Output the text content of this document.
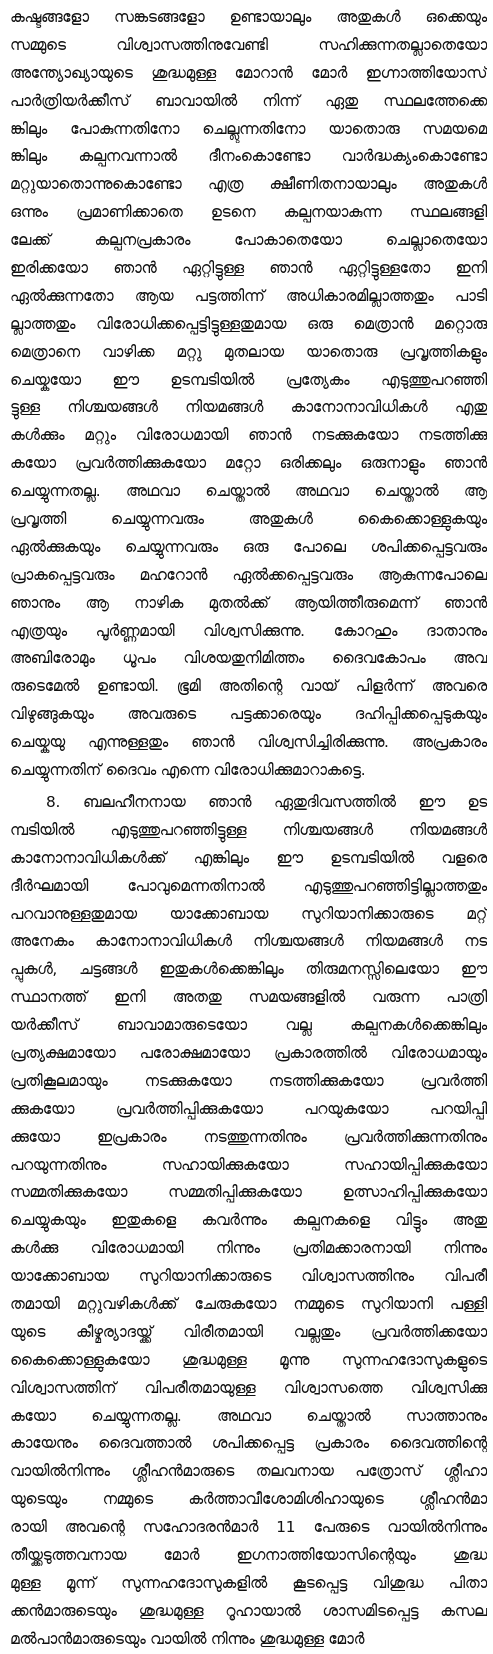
കഷ്ടങ്ങളോ സങ്കടങ്ങളോ ഉണ്ടായാലും അതുകൾ ഒക്കെയും
സമ്മുടെ വിശ്വാസത്തിനുവേണ്ടി സഹിക്കുന്നതല്ലാതെയോ
അന്ത്യോഖ്യായുടെ ശുദ്ധമുള്ള മോറാൻ മോർ ഇഗ്നാത്തിയോസ്
പാർത്രിയർക്കീസ് ബാവായിൽ നിന്ന് ഏതു സ്ഥലത്തേക്കെ
ങ്കിലും പോകുന്നതിനോ ചെല്ലുന്നതിനോ യാതൊരു സമയമെ
ങ്കിലും കല്പനവന്നാൽ ദീനംകൊണ്ടോ വാർദ്ധക്യംകൊണ്ടോ
മറ്റുയാതൊന്നുകൊണ്ടോ എത്ര ക്ഷീണിതനായാലും അതുകൾ
ഒന്നും പ്രമാണിക്കാതെ ഉടനെ കല്പനയാകുന്ന സ്ഥലങ്ങളി
ലേക്ക് കല്പനപ്രകാരം പോകാതെയോ ചെല്ലാതെയോ
ഇരിക്കയോ ഞാൻ ഏറ്റിട്ടുള്ള ഞാൻ ഏറ്റിട്ടുള്ളതോ ഇനി
ഏൽക്കുന്നതോ ആയ പട്ടത്തിന്ന് അധികാരമില്ലാത്തതും പാടി
ല്ലാത്തതും വിരോധിക്കപ്പെട്ടിട്ടുള്ളതുമായ ഒരു മെത്രാൻ മറ്റൊരു
മെത്രാനെ വാഴിക്ക മറ്റു മുതലായ യാതൊരു പ്രവൃത്തികളും
ചെയ്കയോ ഈ ഉടമ്പടിയിൽ പ്രത്യേകം എടുത്തുപറഞ്ഞി
ട്ടുള്ള നിശ്ചയങ്ങൾ നിയമങ്ങൾ കാനോനാവിധികൾ എതു
കൾക്കും മറ്റും വിരോധമായി ഞാൻ നടക്കുകയോ നടത്തിക്കു
കയോ പ്രവർത്തിക്കുകയോ മറ്റോ ഒരിക്കലും ഒരുനാളും ഞാൻ
ചെയ്യുന്നതല്ല. അഥവാ ചെയ്താൽ അഥവാ ചെയ്താൽ ആ
പ്രവൃത്തി ചെയ്യുന്നവരും അതുകൾ കൈക്കൊള്ളുകയും
ഏൽക്കുകയും ചെയ്യുന്നവരും ഒരു പോലെ ശപിക്കപ്പെട്ടവരും
പ്രാകപ്പെട്ടവരും മഹറോൻ ഏൽക്കപ്പെട്ടവരും ആകുന്നപോലെ
ഞാനും ആ നാഴിക മുതൽക്ക് ആയിത്തീരുമെന്ന് ഞാൻ
എത്രയും പൂർണ്ണമായി വിശ്വസിക്കുന്നു. കോറഹും ദാതാനും
അബിരോമും ധൂപം വിശയതുനിമിത്തം ദൈവകോപം അവ
രുടെമേൽ ഉണ്ടായി. ഭൂമി അതിന്റെ വായ് പിളർന്ന് അവരെ
വിഴുങ്ങുകയും അവരുടെ പട്ടക്കാരെയും ദഹിപ്പിക്കപ്പെടുകയും
ചെയ്കയു എന്നുള്ളതും ഞാൻ വിശ്വസിച്ചിരിക്കുന്നു. അപ്രകാരം
ചെയ്യുന്നതിന് ദൈവം എന്നെ വിരോധിക്കുമാറാകട്ടെ.
8. ബലഹീനനായ ഞാൻ ഏതുദിവസത്തിൽ ഈ ഉട
മ്പടിയിൽ എടുത്തുപറഞ്ഞിട്ടുള്ള നിശ്ചയങ്ങൾ നിയമങ്ങൾ
കാനോനാവിധികൾക്ക് എങ്കിലും ഈ ഉടമ്പടിയിൽ വളരെ
ദീർഘമായി പോവുമെന്നതിനാൽ എടുത്തുപറഞ്ഞിട്ടില്ലാത്തതും
പറവാനുള്ളതുമായ യാക്കോബായ സുറിയാനിക്കാരുടെ മറ്റ്
അനേകം കാനോനാവിധികൾ നിശ്ചയങ്ങൾ നിയമങ്ങൾ നട
പ്പുകൾ, ചട്ടങ്ങൾ ഇതുകൾക്കെങ്കിലും തിരുമനസ്സിലെയോ ഈ
സ്ഥാനത്ത് ഇനി അതതു സമയങ്ങളിൽ വരുന്ന പാത്രി
യർക്കീസ് ബാവാമാരുടെയോ വല്ല കല്പനകൾക്കെങ്കിലും
പ്രത്യക്ഷമായോ പരോക്ഷമായോ പ്രകാരത്തിൽ വിരോധമായും
പ്രതികൂലമായും നടക്കുകയോ നടത്തിക്കുകയോ പ്രവർത്തി
ക്കുകയോ പ്രവർത്തിപ്പിക്കുകയോ പറയുകയോ പറയിപ്പി
ക്കുയോ ഇപ്രകാരം നടത്തുന്നതിനും പ്രവർത്തിക്കുന്നതിനും
പറയുന്നതിനും സഹായിക്കുകയോ സഹായിപ്പിക്കുകയോ
സമ്മതിക്കുകയോ സമ്മതിപ്പിക്കുകയോ ഉത്സാഹിപ്പിക്കുകയോ
ചെയ്യുകയും ഇതുകളെ കവർന്നും കല്പനകളെ വിട്ടും അതു
കൾക്കു വിരോധമായി നിന്നും പ്രതിമക്കാരനായി നിന്നും
യാക്കോബായ സുറിയാനിക്കാരുടെ വിശ്വാസത്തിനും വിപരീ
തമായി മറ്റുവഴികൾക്ക് ചേരുകയോ നമ്മുടെ സുറിയാനി പള്ളി
യുടെ കീഴ്മര്യാദയ്ക്ക് വിരീതമായി വല്ലതും പ്രവർത്തിക്കയോ
കൈക്കൊള്ളുകയോ ശുദ്ധമുള്ള മൂന്നു സുന്നഹദോസുകളുടെ
വിശ്വാസത്തിന് വിപരീതമായുള്ള വിശ്വാസത്തെ വിശ്വസിക്കു
കയോ ചെയ്യുന്നതല്ല. അഥവാ ചെയ്താൽ സാത്താനും
കായേനും ദൈവത്താൽ ശപിക്കപ്പെട്ട പ്രകാരം ദൈവത്തിന്റെ
വായിൽനിന്നും ശ്ലീഹൻമാരുടെ തലവനായ പത്രോസ് ശ്ലീഹാ
യുടെയും നമ്മുടെ കർത്താവീശോമിശിഹായുടെ ശ്ലീഹൻമാ
രായി അവന്റെ സഹോദരൻമാർ 11 പേരുടെ വായിൽനിന്നും
തീയ്ക്കടുത്തവനായ മോർ ഇഗനാത്തിയോസിന്റെയും ശുദ്ധ
മുള്ള മൂന്ന് സുന്നഹദോസുകളിൽ കൂടപ്പെട്ട വിശുദ്ധ പിതാ
ക്കൻമാരുടെയും ശുദ്ധമുള്ള റൂഹായാൽ ശാസമിടപ്പെട്ട കസല
മൽപാൻമാരുടെയും വായിൽ നിന്നും ശുദ്ധമുള്ള മോർ
